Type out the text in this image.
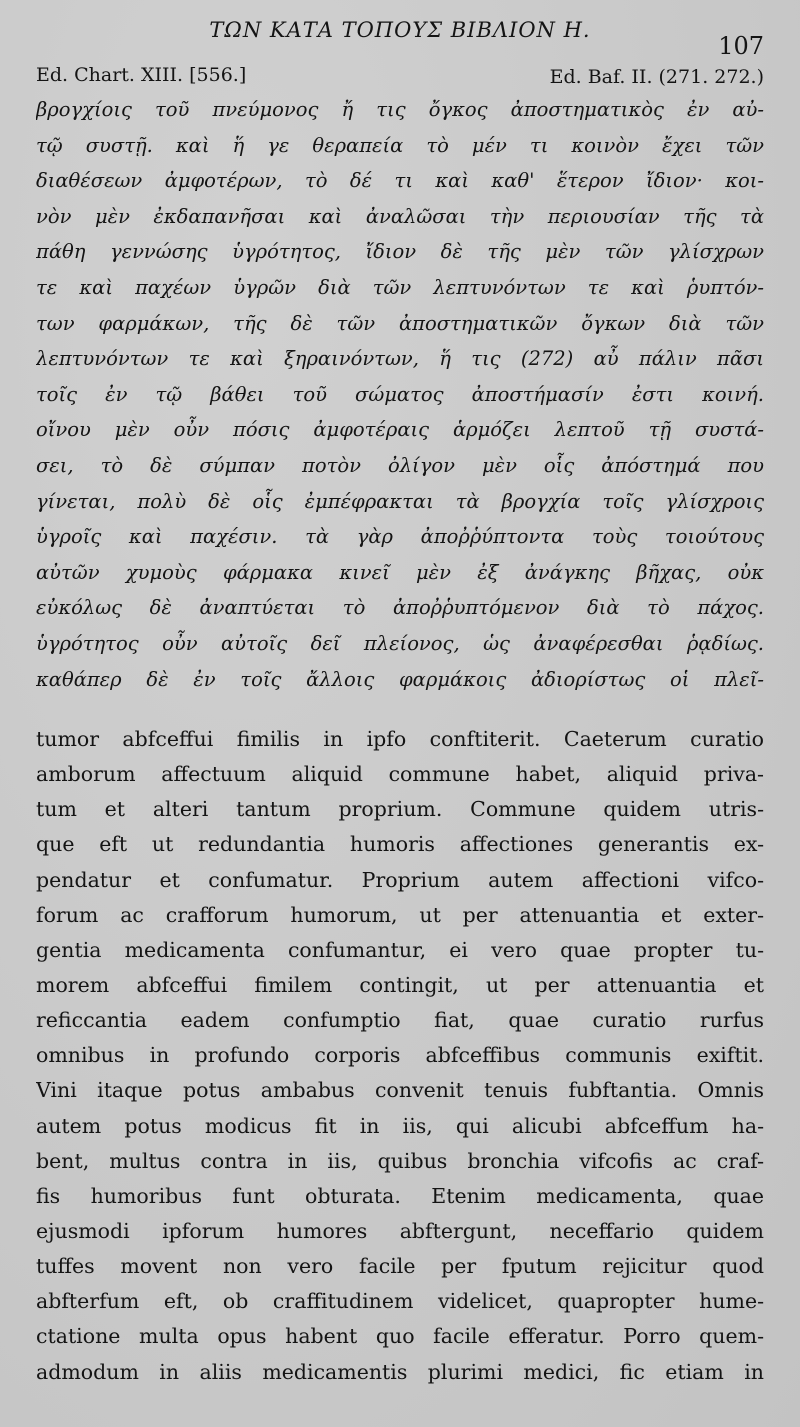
ΤΩΝ ΚΑΤΑ ΤΟΠΟΥΣ ΒΙΒΛΙΟΝ Η.
107
Ed. Chart. XIII. [556.]	Ed. Baf. II. (271. 272.)
βρογχίοις τοῦ πνεύμονος ἤ τις ὄγκος ἀποστηματικὸς ἐν αὐ-
τῷ συστῇ. καὶ ἥ γε θεραπεία τὸ μέν τι κοινὸν ἔχει τῶν
διαθέσεων ἀμφοτέρων, τὸ δέ τι καὶ καθ' ἕτερον ἴδιον· κοι-
νὸν μὲν ἐκδαπανῆσαι καὶ ἀναλῶσαι τὴν περιουσίαν τῆς τὰ
πάθη γεννώσης ὑγρότητος, ἴδιον δὲ τῆς μὲν τῶν γλίσχρων
τε καὶ παχέων ὑγρῶν διὰ τῶν λεπτυνόντων τε καὶ ῥυπτόν-
των φαρμάκων, τῆς δὲ τῶν ἀποστηματικῶν ὄγκων διὰ τῶν
λεπτυνόντων τε καὶ ξηραινόντων, ἥ τις (272) αὖ πάλιν πᾶσι
τοῖς ἐν τῷ βάθει τοῦ σώματος ἀποστήμασίν ἐστι κοινή.
οἴνου μὲν οὖν πόσις ἀμφοτέραις ἁρμόζει λεπτοῦ τῇ συστά-
σει, τὸ δὲ σύμπαν ποτὸν ὀλίγον μὲν οἷς ἀπόστημά που
γίνεται, πολὺ δὲ οἷς ἐμπέφρακται τὰ βρογχία τοῖς γλίσχροις
ὑγροῖς καὶ παχέσιν. τὰ γὰρ ἀποῤῥύπτοντα τοὺς τοιούτους
αὐτῶν χυμοὺς φάρμακα κινεῖ μὲν ἐξ ἀνάγκης βῆχας, οὐκ
εὐκόλως δὲ ἀναπτύεται τὸ ἀποῤῥυπτόμενον διὰ τὸ πάχος.
ὑγρότητος οὖν αὐτοῖς δεῖ πλείονος, ὡς ἀναφέρεσθαι ῥᾳδίως.
καθάπερ δὲ ἐν τοῖς ἄλλοις φαρμάκοις ἀδιορίστως οἱ πλεῖ-
tumor abfceffui fimilis in ipfo conftiterit. Caeterum curatio
amborum affectuum aliquid commune habet, aliquid priva-
tum et alteri tantum proprium. Commune quidem utris-
que eft ut redundantia humoris affectiones generantis ex-
pendatur et confumatur. Proprium autem affectioni vifco-
forum ac crafforum humorum, ut per attenuantia et exter-
gentia medicamenta confumantur, ei vero quae propter tu-
morem abfceffui fimilem contingit, ut per attenuantia et
reficcantia eadem confumptio fiat, quae curatio rurfus
omnibus in profundo corporis abfceffibus communis exiftit.
Vini itaque potus ambabus convenit tenuis fubftantia. Omnis
autem potus modicus fit in iis, qui alicubi abfceffum ha-
bent, multus contra in iis, quibus bronchia vifcofis ac craf-
fis humoribus funt obturata. Etenim medicamenta, quae
ejusmodi ipforum humores abftergunt, neceffario quidem
tuffes movent non vero facile per fputum rejicitur quod
abfterfum eft, ob craffitudinem videlicet, quapropter hume-
ctatione multa opus habent quo facile efferatur. Porro quem-
admodum in aliis medicamentis plurimi medici, fic etiam in
